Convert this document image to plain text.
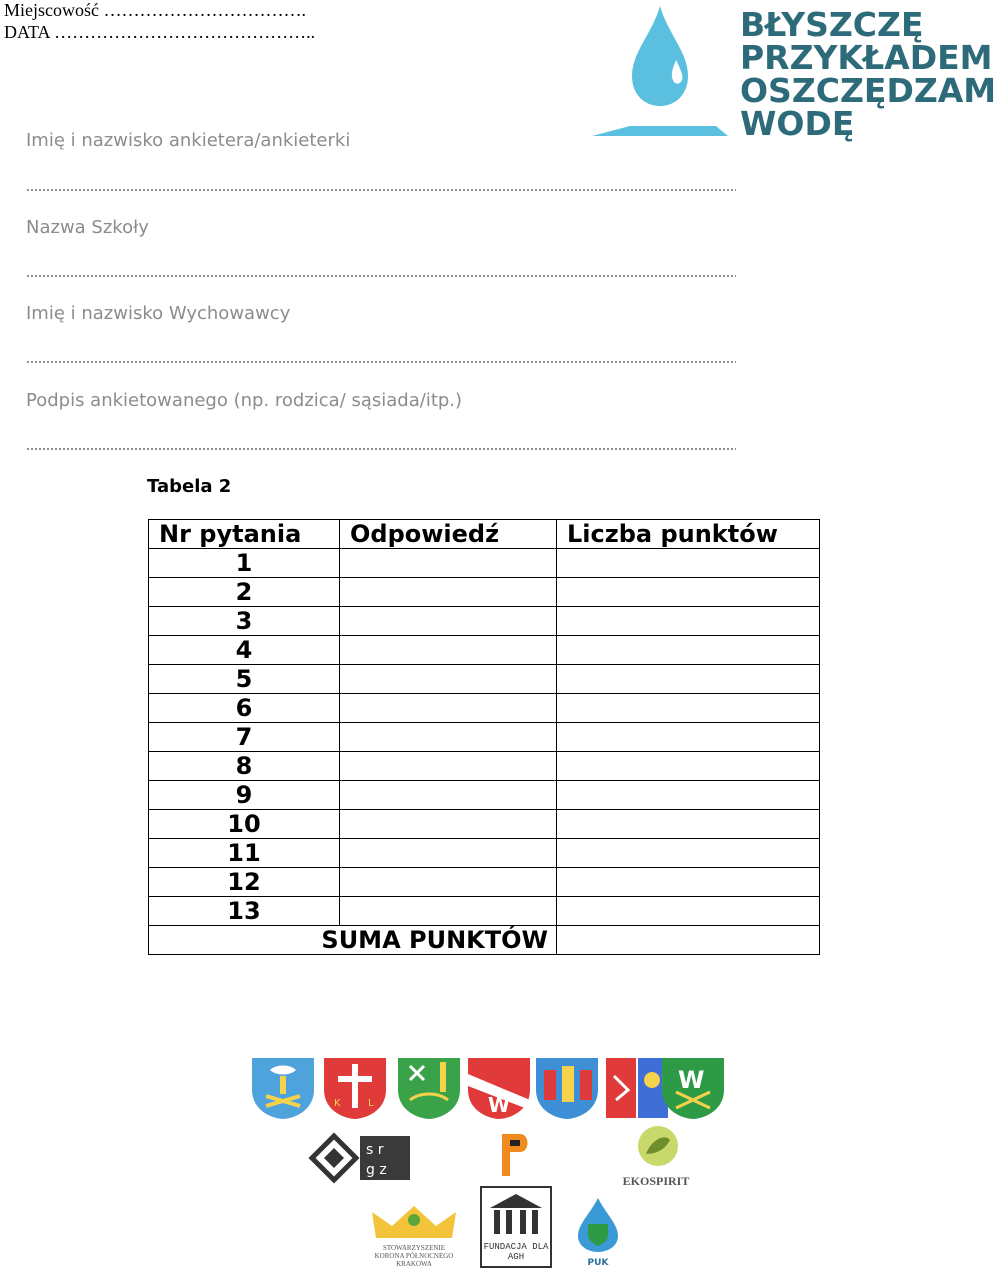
Miejscowość …………………………….
DATA ……………………………………..	BŁYSZCZĘ
PRZYKŁADEM
OSZCZĘDZAM
WODĘ
Imię i nazwisko ankietera/ankieterki
Nazwa Szkoły
Imię i nazwisko Wychowawcy
Podpis ankietowanego (np. rodzica/ sąsiada/itp.)
Tabela 2
Nr pytania	Odpowiedź	Liczba punktów
1		
2		
3		
4		
5		
6		
7		
8		
9		
10		
11		
12		
13		
SUMA PUNKTÓW		
K	L	W
W
s r
g z
EKOSPIRIT
STOWARZYSZENIE KORONA PÓŁNOCNEGO KRAKOWA
FUNDACJA DLA AGH
PUK
